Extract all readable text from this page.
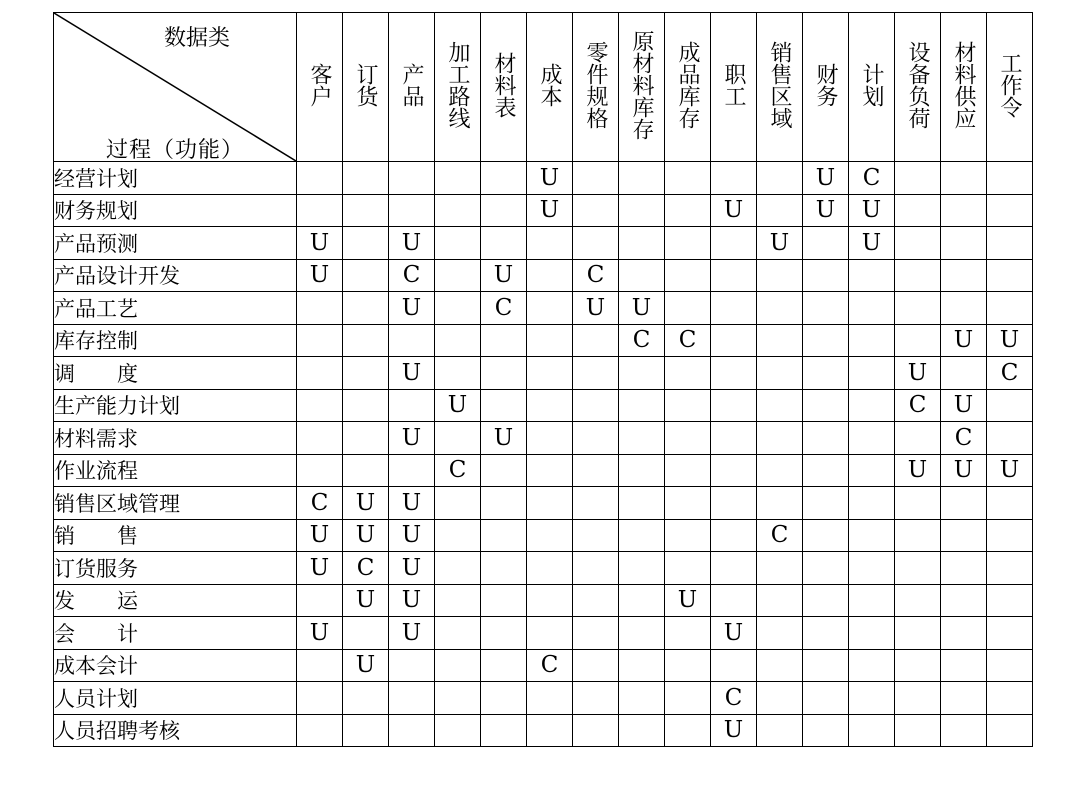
数据类
过程（功能）	客户	订货	产品	加工路线	材料表	成本	零件规格	原材料库存	成品库存	职工	销售区域	财务	计划	设备负荷	材料供应	工作令
经营计划						U						U	C			
财务规划						U				U		U	U			
产品预测	U		U								U		U			
产品设计开发	U		C		U		C									
产品工艺			U		C		U	U								
库存控制								C	C						U	U
调　　度			U											U		C
生产能力计划				U										C	U	
材料需求			U		U										C	
作业流程				C										U	U	U
销售区域管理	C	U	U													
销　　售	U	U	U								C					
订货服务	U	C	U													
发　　运		U	U						U							
会　　计	U		U							U						
成本会计		U				C										
人员计划										C						
人员招聘考核										U						
